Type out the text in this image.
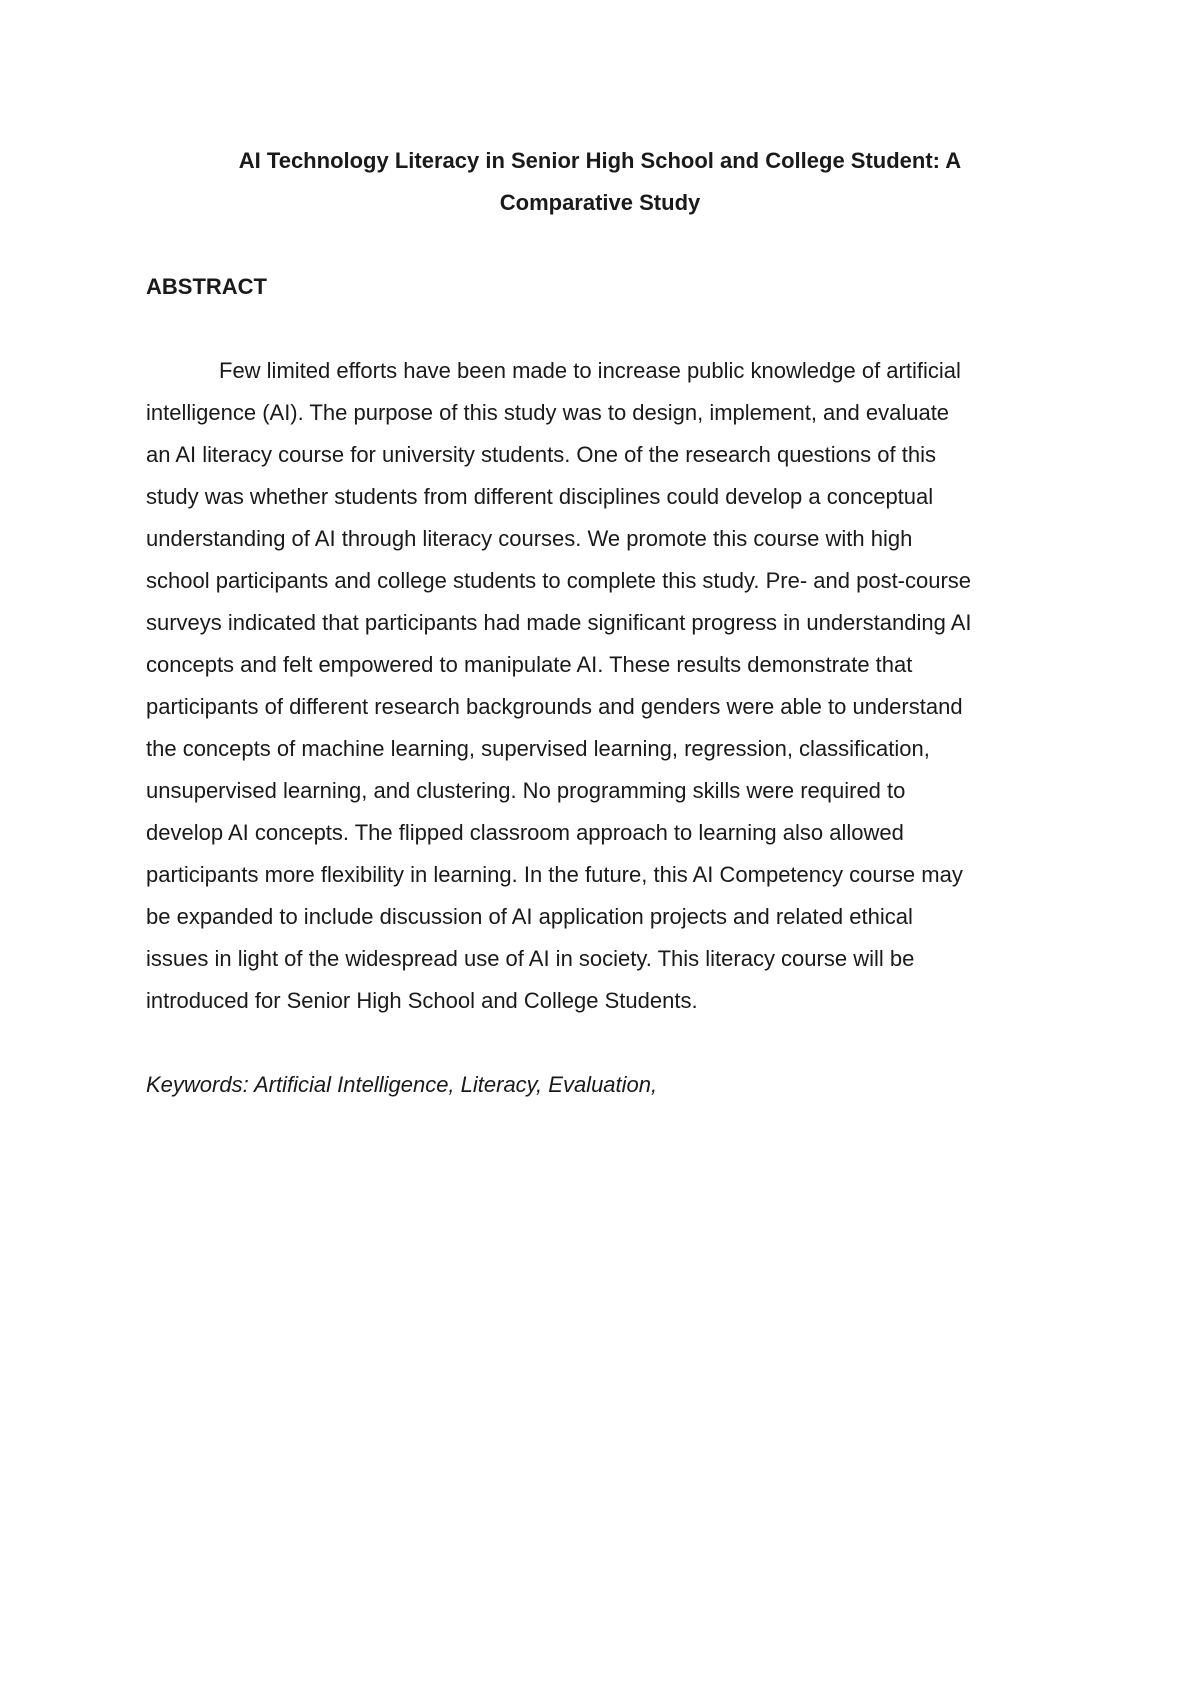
AI Technology Literacy in Senior High School and College Student: A
Comparative Study
ABSTRACT
Few limited efforts have been made to increase public knowledge of artificial
intelligence (AI). The purpose of this study was to design, implement, and evaluate
an AI literacy course for university students. One of the research questions of this
study was whether students from different disciplines could develop a conceptual
understanding of AI through literacy courses. We promote this course with high
school participants and college students to complete this study. Pre- and post-course
surveys indicated that participants had made significant progress in understanding AI
concepts and felt empowered to manipulate AI. These results demonstrate that
participants of different research backgrounds and genders were able to understand
the concepts of machine learning, supervised learning, regression, classification,
unsupervised learning, and clustering. No programming skills were required to
develop AI concepts. The flipped classroom approach to learning also allowed
participants more flexibility in learning. In the future, this AI Competency course may
be expanded to include discussion of AI application projects and related ethical
issues in light of the widespread use of AI in society. This literacy course will be
introduced for Senior High School and College Students.

Keywords: Artificial Intelligence, Literacy, Evaluation,
